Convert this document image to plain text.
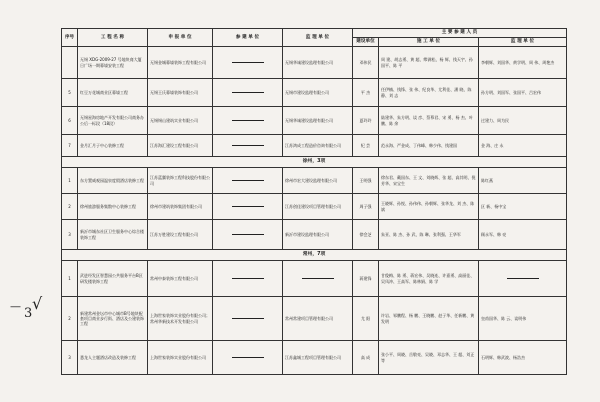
— 3
√
序号	工 程 名 称	申 报 单 位	参 建 单 位	监 理 单 位	主 要 参 建 人 员		
					建设单位	施 工 单 位	监 理 单 位
	无锡 XDG-2009-27 号地块商大厦日广场一期幕墙安装工程	无锡金城幕墙装饰工程有限公司		无锡华诚建设监理有限公司	邓伟民	周 建、胡志勇、黄 超、缪满松、杨 辉、钱天宇、孙国平、陈 平	李朝辉、刘国华、黄学明、周 伟、周艳杰
5	红豆万花城商业区幕墙工程	无锡王氏幕墙装饰有限公司		无锡市建设监理有限公司	平 杰	任伊楠、钱锋、张 伟、纪良华、尤利佳、潘 晓、陈 静、刘 志	孙方明、刘国军、张国平、吕宏伟
6	无锡星海房地产开发有限公司商务办公后一标段（18段）	无锡锡山建筑实业有限公司		无锡华诚建设监理有限公司	夏玲玲	陆建华、朱方明、谈 彦、蔡慕君、宋 勇、杨 杰、叶 鹏、陈 余	过建力、周为民
7	金月汇月子中心装修工程	江苏海汇建设工程有限公司		江苏鸿成工程造价咨询有限公司	纪 芸	范永海、严金成、丁伟峰、韩少伟、钱建国	金 海、庄 永
徐州，3项							
1	东方置威观园温泉度假酒店装修工程	江苏蓝翼装饰工程科技股份有限公司		徐州市宏大建设监理有限公司	王明强	徐东君、戴国东、王 文、刘晓辉、张 超、高其明、倪芳华、宋宝生	陈红燕
2	徐州旅游服务集散中心装修工程	徐州市建筑装饰集团有限公司		江苏创佳建设项目管理有限公司	周子强	王晓辉、孙悦、孙伟伟、孙朝辉、张华龙、刘 杰、陈 斌	区 新、杨中宝
3	新沂市城东社区卫生服务中心综合楼装饰工程	江苏万胜建设工程有限公司		新沂市建设监理有限公司	徐会芝	朱亚、陈 杰、孙 武、陈 琳、张利强、王华军	顾永军、韩 亮
常州，7项							
1	武进经发区智慧园公共服务平台B区研发楼装饰工程	常州中泰装饰工程有限公司			蒋建锋	甘俊梅、陈 勇、蒋宏伟、吴晓连、许嘉勇、高丽佳、吴凤冲、王高军、陈林娟、陈 学	
2	新建常州金坛市中心城市B号地块配套项目商业步行街、酒店及公建装饰工程	上海世家装饰实业股份有限公司；常州华新技术开发有限公司		常州常建项目管理有限公司	尤 阳	许岩、邹鹏程、杨 鹏、王晓鹏、赵子华、任新鹏、黄发明	皇甫国华、陈 云、谈明伟
3	悉龙人主题酒店改造及装修工程	上海世家装饰实业股份有限公司		江苏鑫城工程项目管理有限公司	高 成	张小平、周晓、岳敬亮、吴晓、邓志华、王 超、刘正等	石明辉、韩武波、杨浩杰
